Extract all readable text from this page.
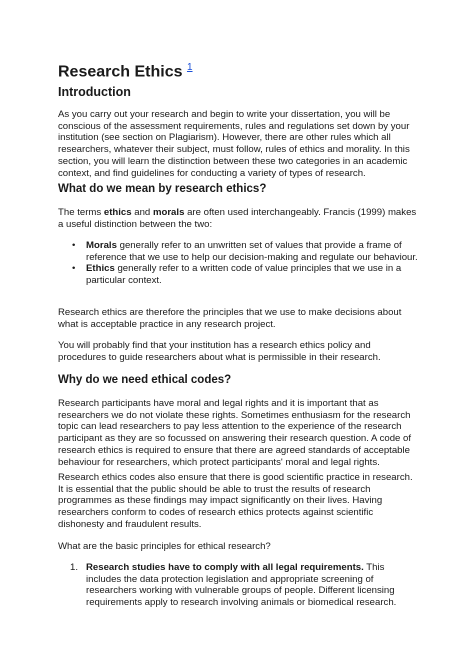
Research Ethics $^1$
Introduction

As you carry out your research and begin to write your dissertation, you will be conscious of the assessment requirements, rules and regulations set down by your institution (see section on Plagiarism). However, there are other rules which all researchers, whatever their subject, must follow, rules of ethics and morality. In this section, you will learn the distinction between these two categories in an academic context, and find guidelines for conducting a variety of types of research.

What do we mean by research ethics?

The terms ethics and morals are often used interchangeably. Francis (1999) makes a useful distinction between the two:

• Morals generally refer to an unwritten set of values that provide a frame of reference that we use to help our decision-making and regulate our behaviour.
• Ethics generally refer to a written code of value principles that we use in a particular context.

Research ethics are therefore the principles that we use to make decisions about what is acceptable practice in any research project.

You will probably find that your institution has a research ethics policy and procedures to guide researchers about what is permissible in their research.

Why do we need ethical codes?

Research participants have moral and legal rights and it is important that as researchers we do not violate these rights. Sometimes enthusiasm for the research topic can lead researchers to pay less attention to the experience of the research participant as they are so focussed on answering their research question. A code of research ethics is required to ensure that there are agreed standards of acceptable behaviour for researchers, which protect participants' moral and legal rights.

Research ethics codes also ensure that there is good scientific practice in research. It is essential that the public should be able to trust the results of research programmes as these findings may impact significantly on their lives. Having researchers conform to codes of research ethics protects against scientific dishonesty and fraudulent results.

What are the basic principles for ethical research?

1. Research studies have to comply with all legal requirements. This includes the data protection legislation and appropriate screening of researchers working with vulnerable groups of people. Different licensing requirements apply to research involving animals or biomedical research.
